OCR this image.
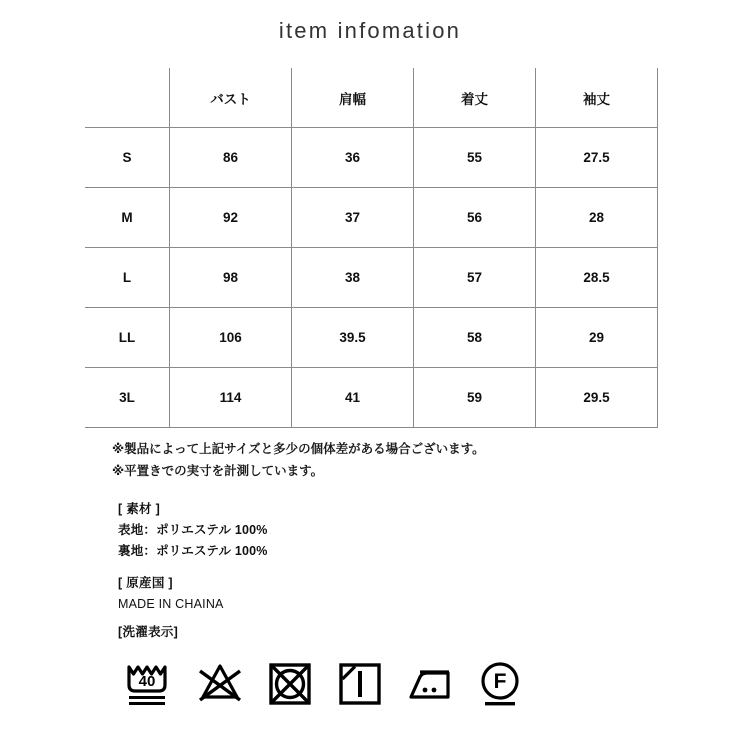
item infomation
	バスト	肩幅	着丈	袖丈
S	86	36	55	27.5
M	92	37	56	28
L	98	38	57	28.5
LL	106	39.5	58	29
3L	114	41	59	29.5
※製品によって上記サイズと多少の個体差がある場合ございます。
※平置きでの実寸を計測しています。
[ 素材 ]
表地：ポリエステル 100%
裏地：ポリエステル 100%
[ 原産国 ]
MADE IN CHAINA
[洗濯表示]
40	F
